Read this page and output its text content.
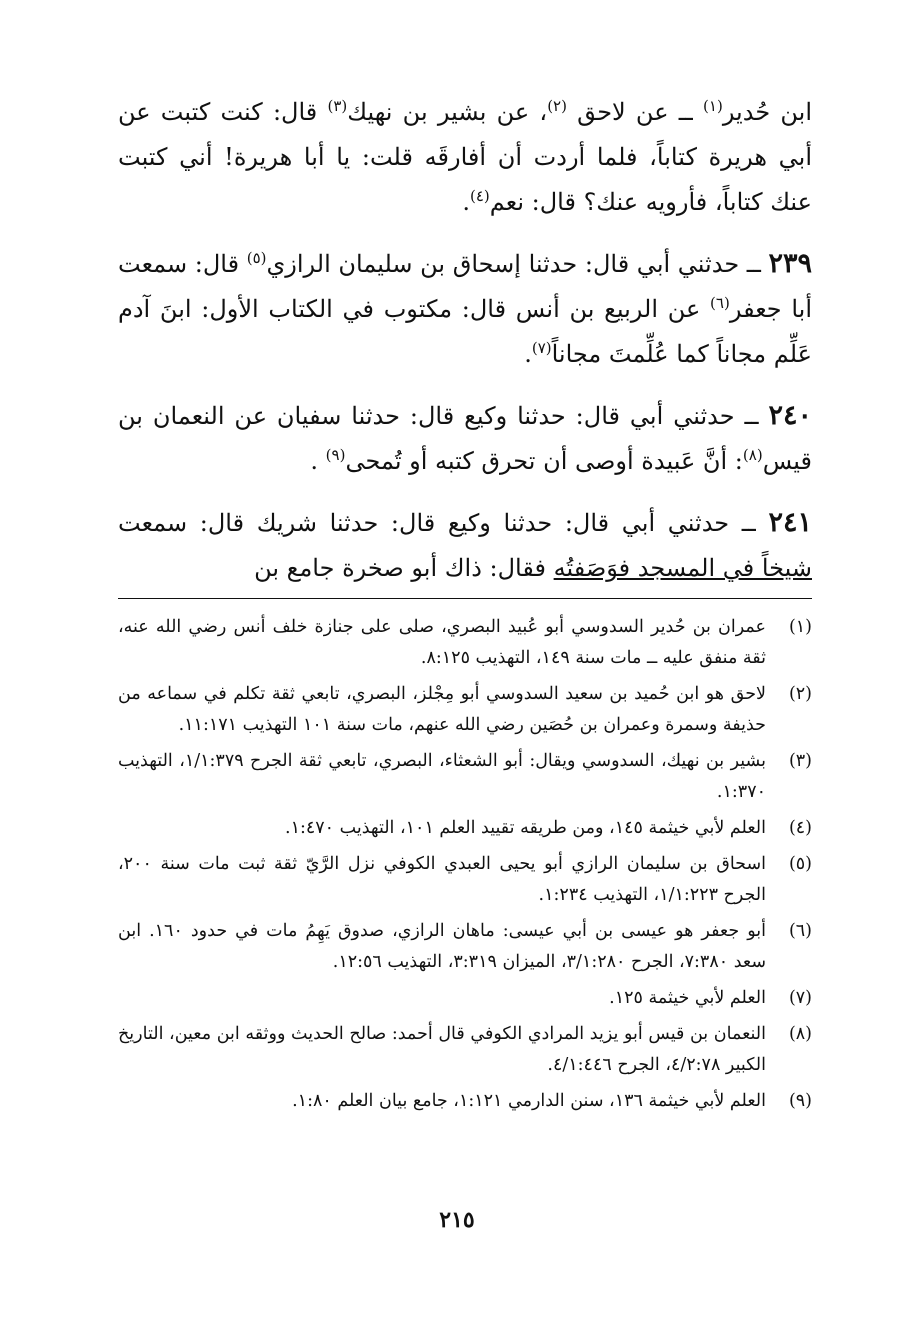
ابن حُدير$^{(١)}$ ــ عن لاحق $^{(٢)}$، عن بشير بن نهيك$^{(٣)}$ قال: كنت كتبت عن أبي هريرة كتاباً، فلما أردت أن أفارقَه قلت: يا أبا هريرة! أني كتبت عنك كتاباً، فأرويه عنك؟ قال: نعم$^{(٤)}$.

٢٣٩ ــ حدثني أبي قال: حدثنا إسحاق بن سليمان الرازي$^{(٥)}$ قال: سمعت أبا جعفر$^{(٦)}$ عن الربيع بن أنس قال: مكتوب في الكتاب الأول: ابنَ آدم عَلِّم مجاناً كما عُلِّمتَ مجاناً$^{(٧)}$.

٢٤٠ ــ حدثني أبي قال: حدثنا وكيع قال: حدثنا سفيان عن النعمان بن قيس$^{(٨)}$: أنَّ عَبيدة أوصى أن تحرق كتبه أو تُمحى$^{(٩)}$ .

٢٤١ ــ حدثني أبي قال: حدثنا وكيع قال: حدثنا شريك قال: سمعت شيخاً في المسجد فوَصَفتُه فقال: ذاك أبو صخرة جامع بن

(١)
عمران بن حُدير السدوسي أبو عُبيد البصري، صلى على جنازة خلف أنس رضي الله عنه، ثقة منفق عليه ــ مات سنة ١٤٩، التهذيب ٨:١٢٥.
(٢)
لاحق هو ابن حُميد بن سعيد السدوسي أبو مِجْلز، البصري، تابعي ثقة تكلم في سماعه من حذيفة وسمرة وعمران بن حُصَين رضي الله عنهم، مات سنة ١٠١ التهذيب ١١:١٧١.
(٣)
بشير بن نهيك، السدوسي ويقال: أبو الشعثاء، البصري، تابعي ثقة الجرح ١/١:٣٧٩، التهذيب ١:٣٧٠.
(٤)
العلم لأبي خيثمة ١٤٥، ومن طريقه تقييد العلم ١٠١، التهذيب ١:٤٧٠.
(٥)
اسحاق بن سليمان الرازي أبو يحيى العبدي الكوفي نزل الرَّيّ ثقة ثبت مات سنة ٢٠٠، الجرح ١/١:٢٢٣، التهذيب ١:٢٣٤.
(٦)
أبو جعفر هو عيسى بن أبي عيسى: ماهان الرازي، صدوق يَهِمُ مات في حدود ١٦٠. ابن سعد ٧:٣٨٠، الجرح ٣/١:٢٨٠، الميزان ٣:٣١٩، التهذيب ١٢:٥٦.
(٧)
العلم لأبي خيثمة ١٢٥.
(٨)
النعمان بن قيس أبو يزيد المرادي الكوفي قال أحمد: صالح الحديث ووثقه ابن معين، التاريخ الكبير ٤/٢:٧٨، الجرح ٤/١:٤٤٦.
(٩)
العلم لأبي خيثمة ١٣٦، سنن الدارمي ١:١٢١، جامع بيان العلم ١:٨٠.
٢١٥
